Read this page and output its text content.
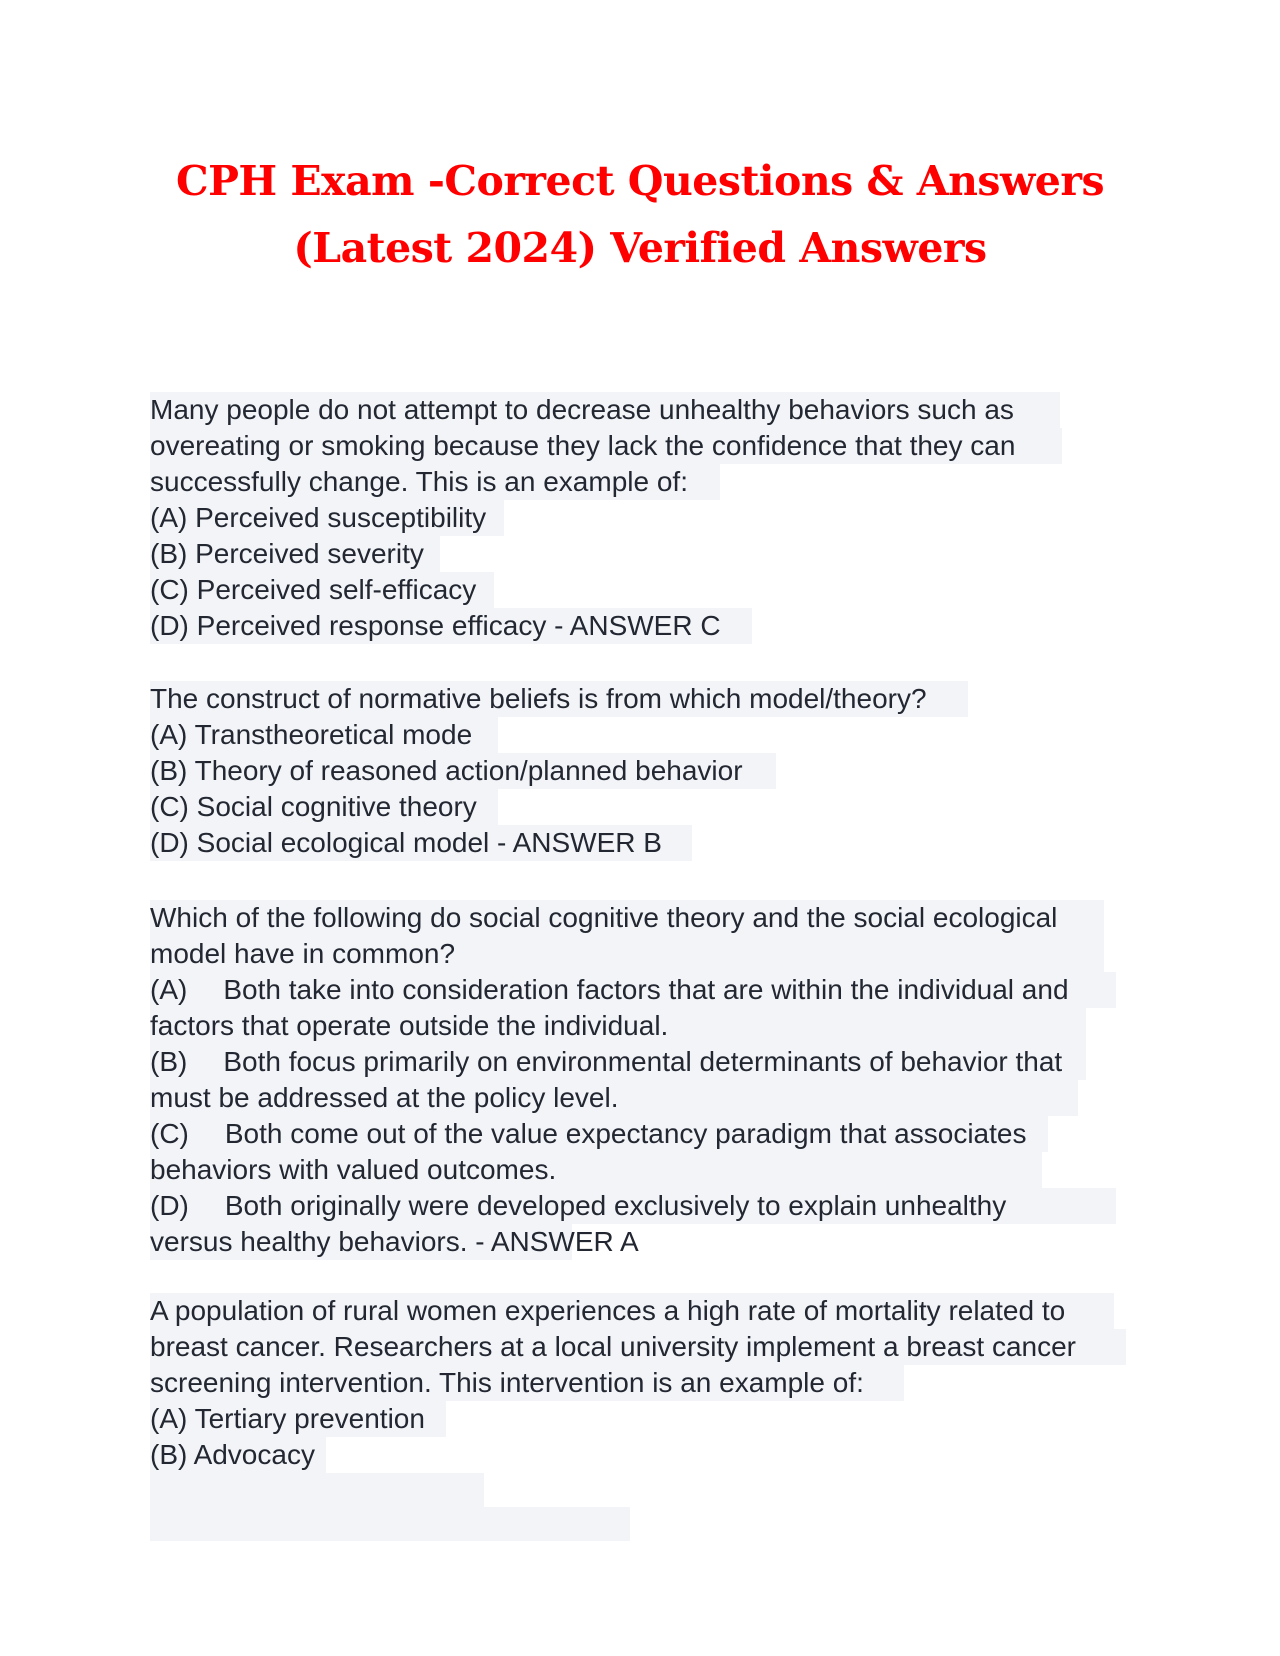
CPH Exam -Correct Questions & Answers
(Latest 2024) Verified Answers
Many people do not attempt to decrease unhealthy behaviors such as
overeating or smoking because they lack the confidence that they can
successfully change. This is an example of:
(A) Perceived susceptibility
(B) Perceived severity
(C) Perceived self-efficacy
(D) Perceived response efficacy - ANSWER C
The construct of normative beliefs is from which model/theory?
(A) Transtheoretical mode
(B) Theory of reasoned action/planned behavior
(C) Social cognitive theory
(D) Social ecological model - ANSWER B
Which of the following do social cognitive theory and the social ecological
model have in common?
(A) Both take into consideration factors that are within the individual and
factors that operate outside the individual.
(B) Both focus primarily on environmental determinants of behavior that
must be addressed at the policy level.
(C) Both come out of the value expectancy paradigm that associates
behaviors with valued outcomes.
(D) Both originally were developed exclusively to explain unhealthy
versus healthy behaviors. - ANSWER A
A population of rural women experiences a high rate of mortality related to
breast cancer. Researchers at a local university implement a breast cancer
screening intervention. This intervention is an example of:
(A) Tertiary prevention
(B) Advocacy
